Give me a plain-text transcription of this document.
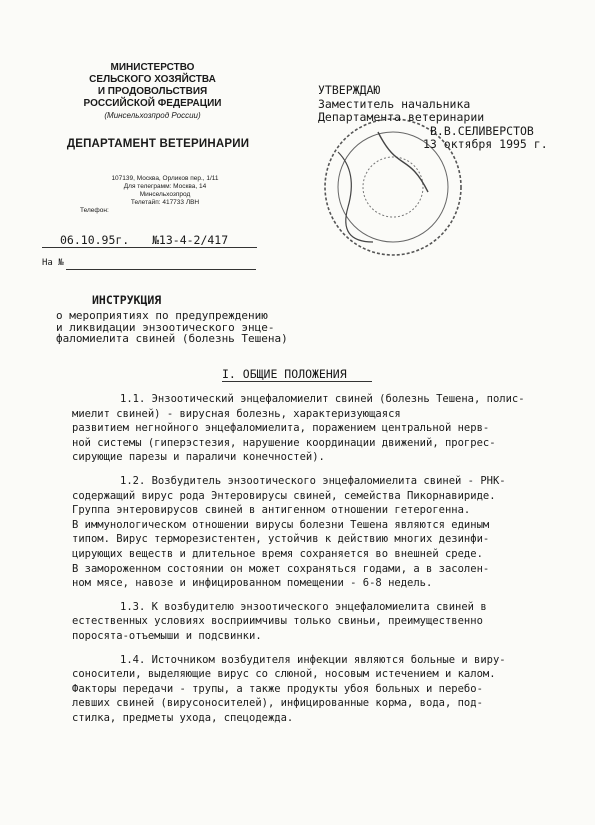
МИНИСТЕРСТВО
СЕЛЬСКОГО ХОЗЯЙСТВА
И ПРОДОВОЛЬСТВИЯ
РОССИЙСКОЙ ФЕДЕРАЦИИ
(Минсельхозпрод России)
ДЕПАРТАМЕНТ ВЕТЕРИНАРИИ
107139, Москва, Орликов пер., 1/11
Для телеграмм: Москва, 14
Минсельхозпрод
Телетайп: 417733 ЛВН
Телефон:
06.10.95г. №13-4-2/417
На №
УТВЕРЖДАЮ
Заместитель начальника
Департамента ветеринарии
В.В.СЕЛИВЕРСТОВ
13 октября 1995 г.
ИНСТРУКЦИЯ
о мероприятиях по предупреждению
и ликвидации энзоотического энце-
фаломиелита свиней (болезнь Тешена)
I. ОБЩИЕ ПОЛОЖЕНИЯ

1.1. Энзоотический энцефаломиелит свиней (болезнь Тешена, полис-
миелит свиней) - вирусная болезнь, характеризующаяся
развитием негнойного энцефаломиелита, поражением центральной нерв-
ной системы (гиперэстезия, нарушение координации движений, прогрес-
сирующие парезы и параличи конечностей).

1.2. Возбудитель энзоотического энцефаломиелита свиней - РНК-
содержащий вирус рода Энтеровирусы свиней, семейства Пикорнавириде.
Группа энтеровирусов свиней в антигенном отношении гетерогенна.
В иммунологическом отношении вирусы болезни Тешена являются единым
типом. Вирус терморезистентен, устойчив к действию многих дезинфи-
цирующих веществ и длительное время сохраняется во внешней среде.
В замороженном состоянии он может сохраняться годами, а в засолен-
ном мясе, навозе и инфицированном помещении - 6-8 недель.

1.3. К возбудителю энзоотического энцефаломиелита свиней в
естественных условиях восприимчивы только свиньи, преимущественно
поросята-отъемыши и подсвинки.

1.4. Источником возбудителя инфекции являются больные и виру-
соносители, выделяющие вирус со слюной, носовым истечением и калом.
Факторы передачи - трупы, а также продукты убоя больных и перебо-
левших свиней (вирусоносителей), инфицированные корма, вода, под-
стилка, предметы ухода, спецодежда.
